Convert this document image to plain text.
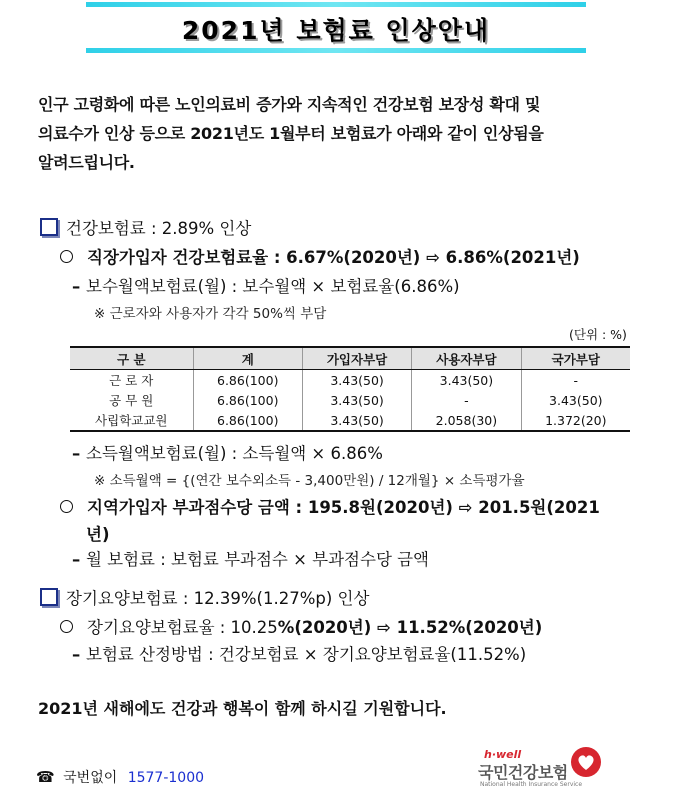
2021년 보험료 인상안내
인구 고령화에 따른 노인의료비 증가와 지속적인 건강보험 보장성 확대 및
의료수가 인상 등으로 2021년도 1월부터 보험료가 아래와 같이 인상됨을
알려드립니다.
건강보험료 : 2.89% 인상
직장가입자 건강보험료율 : 6.67%(2020년) ⇨ 6.86%(2021년)
– 보수월액보험료(월) : 보수월액 × 보험료율(6.86%)
※ 근로자와 사용자가 각각 50%씩 부담
(단위 : %)
구 분	계	가입자부담	사용자부담	국가부담
근 로 자	6.86(100)	3.43(50)	3.43(50)	-
공 무 원	6.86(100)	3.43(50)	-	3.43(50)
사립학교교원	6.86(100)	3.43(50)	2.058(30)	1.372(20)
– 소득월액보험료(월) : 소득월액 × 6.86%
※ 소득월액 = {(연간 보수외소득 - 3,400만원) / 12개월} × 소득평가율
지역가입자 부과점수당 금액 : 195.8원(2020년) ⇨ 201.5원(2021
년)
– 월 보험료 : 보험료 부과점수 × 부과점수당 금액
장기요양보험료 : 12.39%(1.27%p) 인상
장기요양보험료율 : 10.25%(2020년) ⇨ 11.52%(2020년)
– 보험료 산정방법 : 건강보험료 × 장기요양보험료율(11.52%)
2021년 새해에도 건강과 행복이 함께 하시길 기원합니다.
☎ 국번없이 1577-1000
h·well
국민건강보험
National Health Insurance Service
